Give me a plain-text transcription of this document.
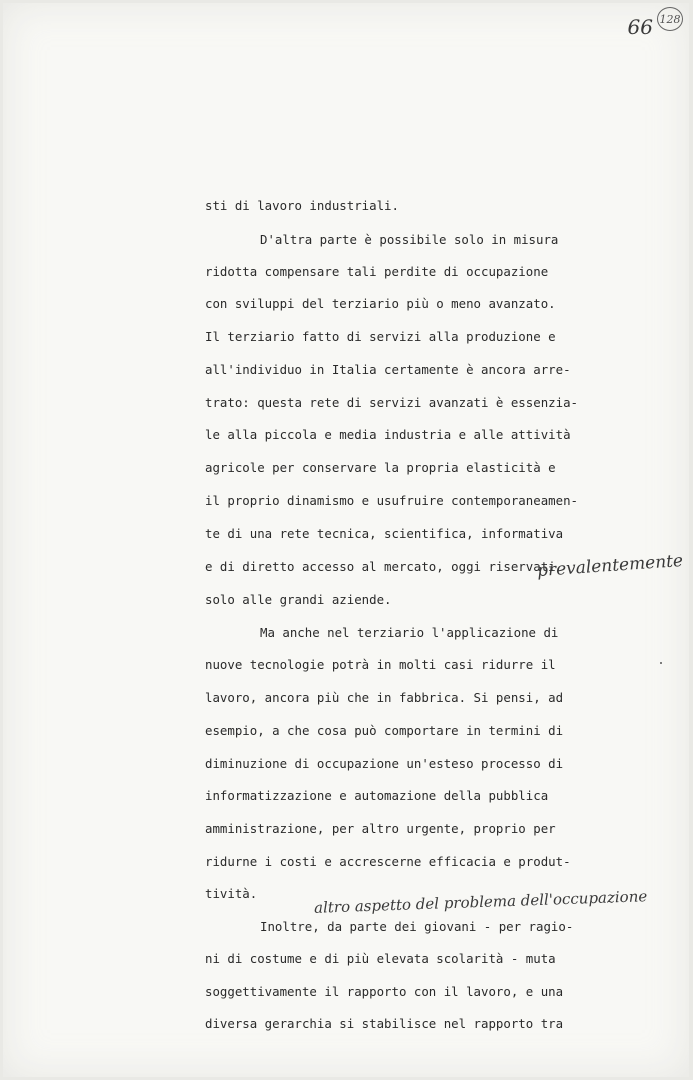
66 128
sti di lavoro industriali.
D'altra parte è possibile solo in misura
ridotta compensare tali perdite di occupazione
con sviluppi del terziario più o meno avanzato.
Il terziario fatto di servizi alla produzione e
all'individuo in Italia certamente è ancora arre-
trato: questa rete di servizi avanzati è essenzia-
le alla piccola e media industria e alle attività
agricole per conservare la propria elasticità e
il proprio dinamismo e usufruire contemporaneamen-
te di una rete tecnica, scientifica, informativa
e di diretto accesso al mercato, oggi riservati
solo alle grandi aziende.
Ma anche nel terziario l'applicazione di
nuove tecnologie potrà in molti casi ridurre il
lavoro, ancora più che in fabbrica. Si pensi, ad
esempio, a che cosa può comportare in termini di
diminuzione di occupazione un'esteso processo di
informatizzazione e automazione della pubblica
amministrazione, per altro urgente, proprio per
ridurne i costi e accrescerne efficacia e produt-
tività.
Inoltre, da parte dei giovani - per ragio-
ni di costume e di più elevata scolarità - muta
soggettivamente il rapporto con il lavoro, e una
diversa gerarchia si stabilisce nel rapporto tra
prevalentemente
altro aspetto del problema dell'occupazione
